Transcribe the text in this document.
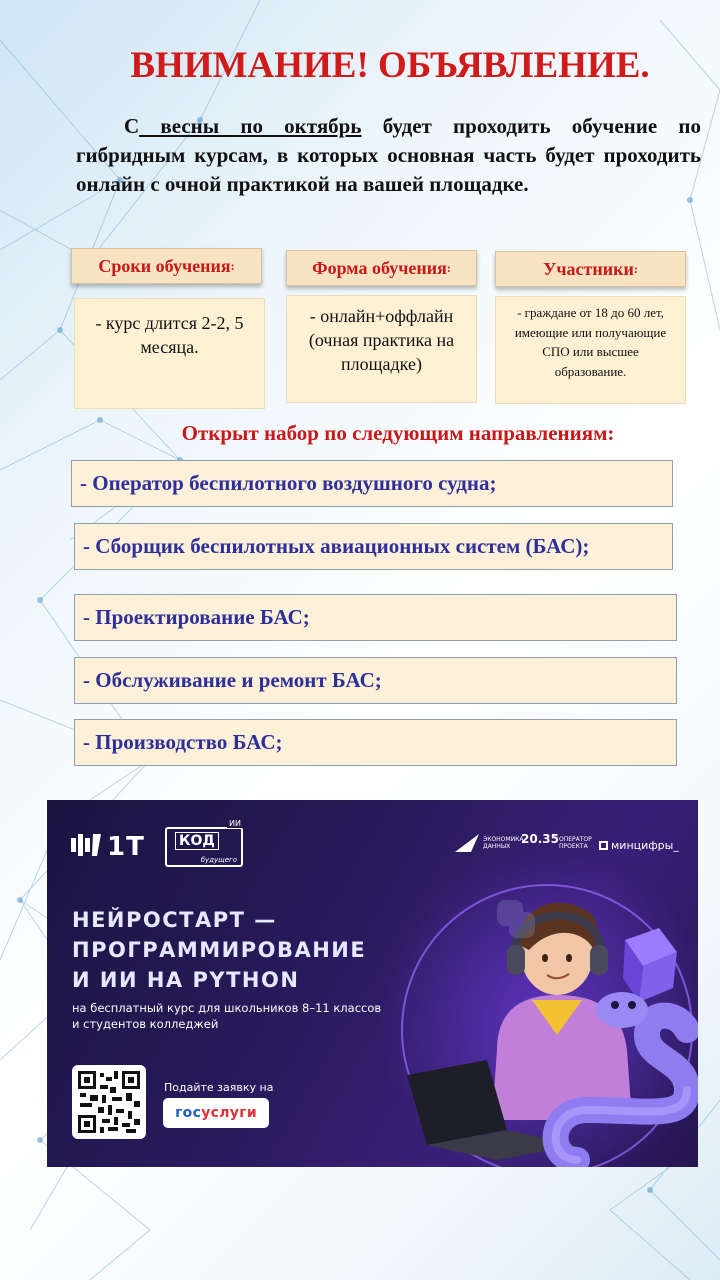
ВНИМАНИЕ! ОБЪЯВЛЕНИЕ.

С весны по октябрь будет проходить обучение по гибридным курсам, в которых основная часть будет проходить онлайн с очной практикой на вашей площадке.

Сроки обучения :
- курс длится 2-2, 5 месяца.
Форма обучения :
- онлайн+оффлайн (очная практика на площадке)
Участники :
- граждане от 18 до 60 лет, имеющие или получающие СПО или высшее образование.
Открыт набор по следующим направлениям:
- Оператор беспилотного воздушного судна;
- Сборщик беспилотных авиационных систем (БАС);
- Проектирование БАС;
- Обслуживание и ремонт БАС;
- Производство БАС;
1T КОД
ИИ
будущего
ЭКОНОМИКА ДАННЫХ
20.35 ОПЕРАТОР ПРОЕКТА	минцифры_
НЕЙРОСТАРТ —
ПРОГРАММИРОВАНИЕ
И ИИ НА PYTHON
на бесплатный курс для школьников 8–11 классов и студентов колледжей
Подайте заявку на
гос услуги
